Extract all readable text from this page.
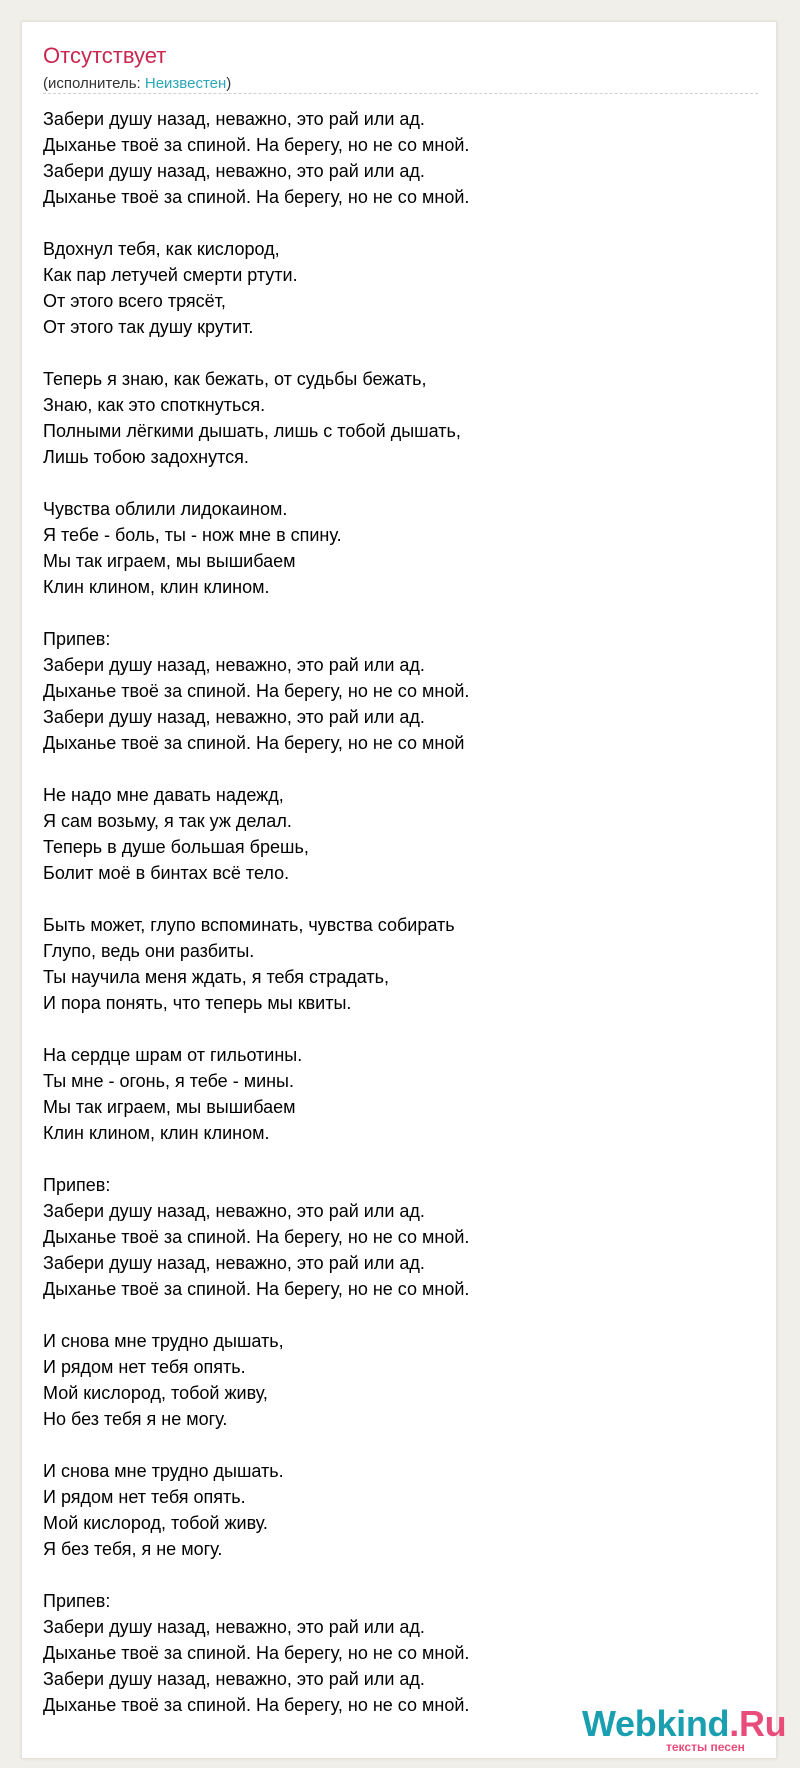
Отсутствует
(исполнитель: Неизвестен)
Забери душу назад, неважно, это рай или ад.
Дыханье твоё за спиной. На берегу, но не со мной.
Забери душу назад, неважно, это рай или ад.
Дыханье твоё за спиной. На берегу, но не со мной.
Вдохнул тебя, как кислород,
Как пар летучей смерти ртути.
От этого всего трясёт,
От этого так душу крутит.
Теперь я знаю, как бежать, от судьбы бежать,
Знаю, как это споткнуться.
Полными лёгкими дышать, лишь с тобой дышать,
Лишь тобою задохнутся.
Чувства облили лидокаином.
Я тебе - боль, ты - нож мне в спину.
Мы так играем, мы вышибаем
Клин клином, клин клином.
Припев:
Забери душу назад, неважно, это рай или ад.
Дыханье твоё за спиной. На берегу, но не со мной.
Забери душу назад, неважно, это рай или ад.
Дыханье твоё за спиной. На берегу, но не со мной
Не надо мне давать надежд,
Я сам возьму, я так уж делал.
Теперь в душе большая брешь,
Болит моё в бинтах всё тело.
Быть может, глупо вспоминать, чувства собирать
Глупо, ведь они разбиты.
Ты научила меня ждать, я тебя страдать,
И пора понять, что теперь мы квиты.
На сердце шрам от гильотины.
Ты мне - огонь, я тебе - мины.
Мы так играем, мы вышибаем
Клин клином, клин клином.
Припев:
Забери душу назад, неважно, это рай или ад.
Дыханье твоё за спиной. На берегу, но не со мной.
Забери душу назад, неважно, это рай или ад.
Дыханье твоё за спиной. На берегу, но не со мной.
И снова мне трудно дышать,
И рядом нет тебя опять.
Мой кислород, тобой живу,
Но без тебя я не могу.
И снова мне трудно дышать.
И рядом нет тебя опять.
Мой кислород, тобой живу.
Я без тебя, я не могу.
Припев:
Забери душу назад, неважно, это рай или ад.
Дыханье твоё за спиной. На берегу, но не со мной.
Забери душу назад, неважно, это рай или ад.
Дыханье твоё за спиной. На берегу, но не со мной.	Webkind.Ru
тексты песен
